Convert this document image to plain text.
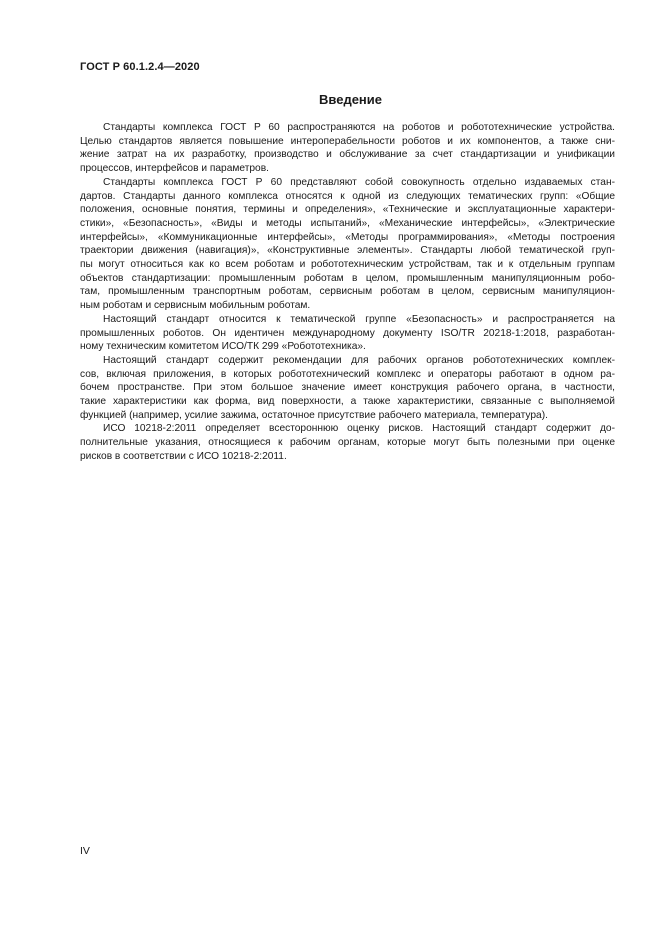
ГОСТ Р 60.1.2.4—2020
Введение
Стандарты комплекса ГОСТ Р 60 распространяются на роботов и робототехнические устройства.
Целью стандартов является повышение интероперабельности роботов и их компонентов, а также сни-
жение затрат на их разработку, производство и обслуживание за счет стандартизации и унификации
процессов, интерфейсов и параметров.
Стандарты комплекса ГОСТ Р 60 представляют собой совокупность отдельно издаваемых стан-
дартов. Стандарты данного комплекса относятся к одной из следующих тематических групп: «Общие
положения, основные понятия, термины и определения», «Технические и эксплуатационные характери-
стики», «Безопасность», «Виды и методы испытаний», «Механические интерфейсы», «Электрические
интерфейсы», «Коммуникационные интерфейсы», «Методы программирования», «Методы построения
траектории движения (навигация)», «Конструктивные элементы». Стандарты любой тематической груп-
пы могут относиться как ко всем роботам и робототехническим устройствам, так и к отдельным группам
объектов стандартизации: промышленным роботам в целом, промышленным манипуляционным робо-
там, промышленным транспортным роботам, сервисным роботам в целом, сервисным манипуляцион-
ным роботам и сервисным мобильным роботам.
Настоящий стандарт относится к тематической группе «Безопасность» и распространяется на
промышленных роботов. Он идентичен международному документу ISO/TR 20218-1:2018, разработан-
ному техническим комитетом ИСО/ТК 299 «Робототехника».
Настоящий стандарт содержит рекомендации для рабочих органов робототехнических комплек-
сов, включая приложения, в которых робототехнический комплекс и операторы работают в одном ра-
бочем пространстве. При этом большое значение имеет конструкция рабочего органа, в частности,
такие характеристики как форма, вид поверхности, а также характеристики, связанные с выполняемой
функцией (например, усилие зажима, остаточное присутствие рабочего материала, температура).
ИСО 10218-2:2011 определяет всестороннюю оценку рисков. Настоящий стандарт содержит до-
полнительные указания, относящиеся к рабочим органам, которые могут быть полезными при оценке
рисков в соответствии с ИСО 10218-2:2011.
IV
